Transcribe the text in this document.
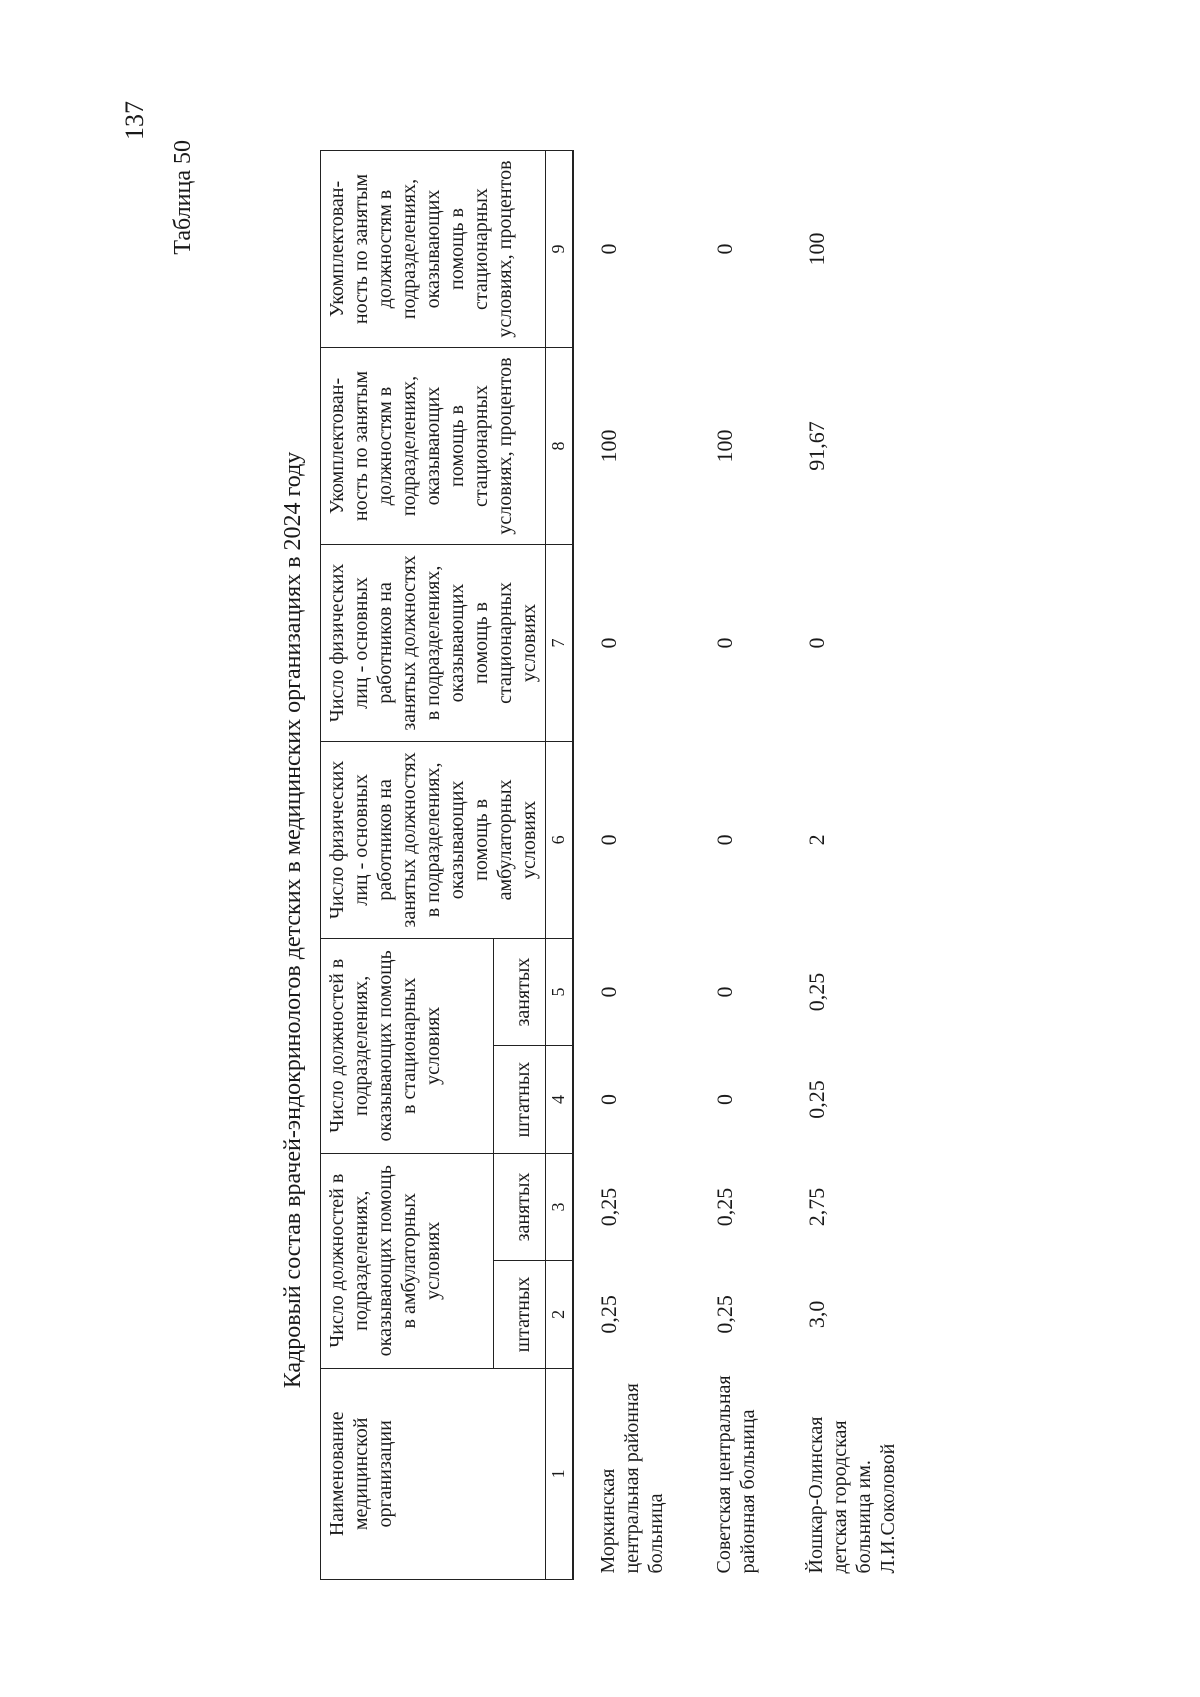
137
Таблица 50
Кадровый состав врачей-эндокринологов детских в медицинских организациях в 2024 году
Наименование медицинской организации	Число должностей в подразделениях, оказывающих помощь в амбулаторных условиях		Число должностей в подразделениях, оказывающих помощь в стационарных условиях		Число физических лиц - основных работников на занятых должностях в подразделениях, оказывающих помощь в амбулаторных условиях	Число физических лиц - основных работников на занятых должностях в подразделениях, оказывающих помощь в стационарных условиях	Укомплектован-ность по занятым должностям в подразделениях, оказывающих помощь в стационарных условиях, процентов	Укомплектован-ность по занятым должностям в подразделениях, оказывающих помощь в стационарных условиях, процентов
	штатных	занятых	штатных	занятых				
1	2	3	4	5	6	7	8	9
Моркинская центральная районная больница	0,25	0,25	0	0	0	0	100	0
Советская центральная районная больница	0,25	0,25	0	0	0	0	100	0
Йошкар-Олинская детская городская больница им. Л.И.Соколовой	3,0	2,75	0,25	0,25	2	0	91,67	100
